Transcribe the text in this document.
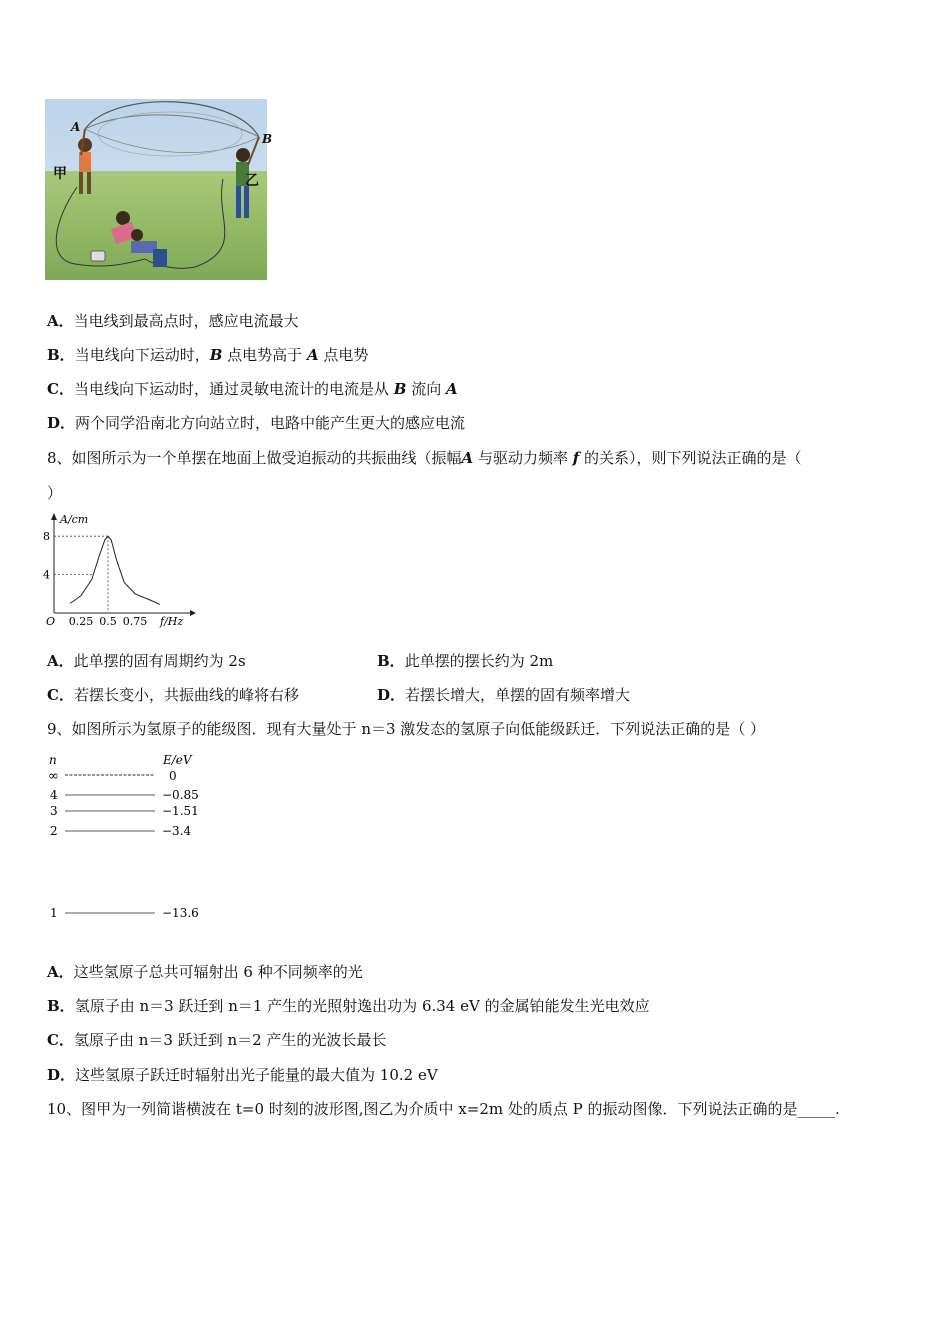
A
B
甲	乙
A．当电线到最高点时，感应电流最大
B．当电线向下运动时，B 点电势高于 A 点电势
C．当电线向下运动时，通过灵敏电流计的电流是从 B 流向 A
D．两个同学沿南北方向站立时，电路中能产生更大的感应电流
8、如图所示为一个单摆在地面上做受迫振动的共振曲线（振幅A 与驱动力频率 f 的关系），则下列说法正确的是（
）
4
8
0.25 0.5 0.75
A/cm
f/Hz
O
A．此单摆的固有周期约为 2s	B．此单摆的摆长约为 2m
C．若摆长变小，共振曲线的峰将右移	D．若摆长增大，单摆的固有频率增大
9、如图所示为氢原子的能级图．现有大量处于 n＝3 激发态的氢原子向低能级跃迁．下列说法正确的是（ ）
n	E/eV
∞	0
4	−0.85
3	−1.51
2	−3.4
1	−13.6
A．这些氢原子总共可辐射出 6 种不同频率的光
B．氢原子由 n＝3 跃迁到 n＝1 产生的光照射逸出功为 6.34 eV 的金属铂能发生光电效应
C．氢原子由 n＝3 跃迁到 n＝2 产生的光波长最长
D．这些氢原子跃迁时辐射出光子能量的最大值为 10.2 eV
10、图甲为一列简谐横波在 t=0 时刻的波形图,图乙为介质中 x=2m 处的质点 P 的振动图像．下列说法正确的是_____.
